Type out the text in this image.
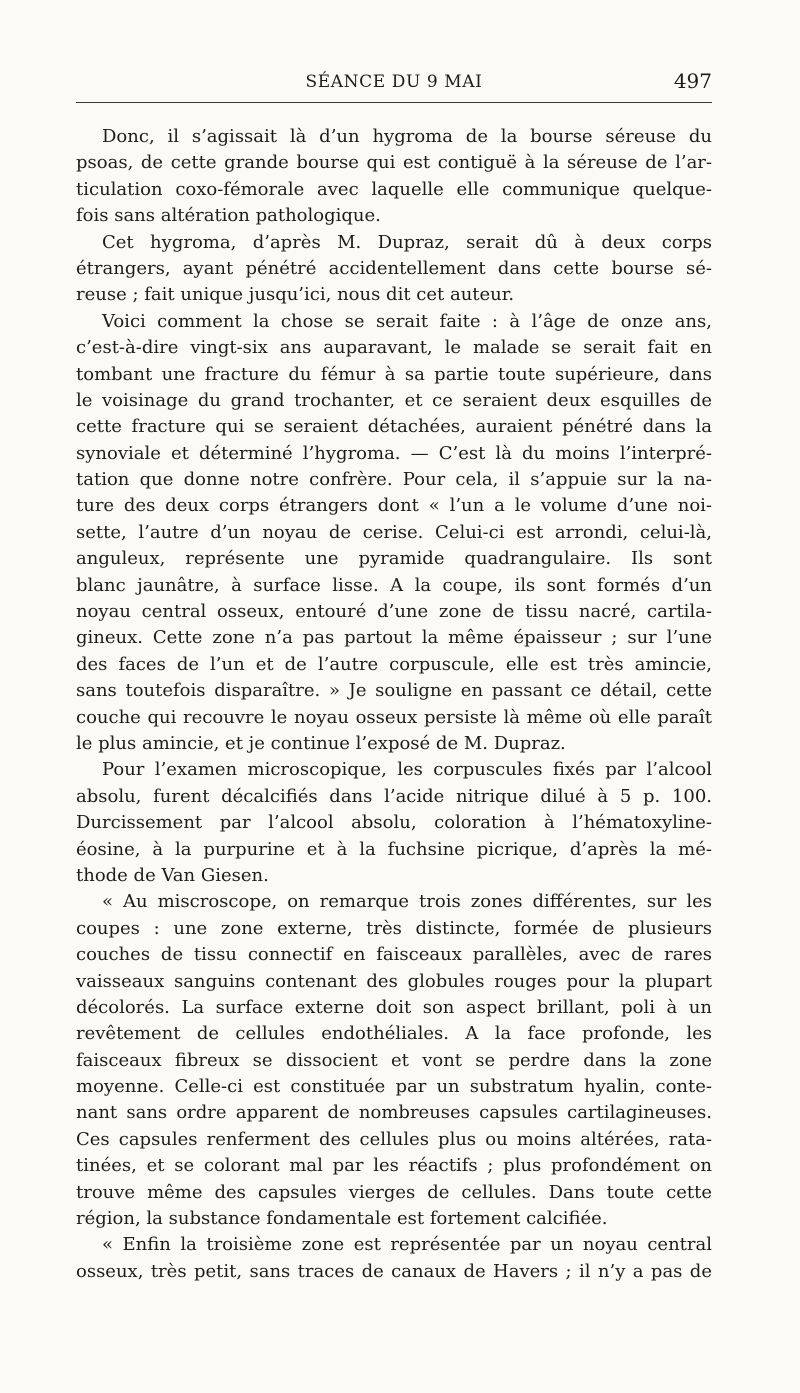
SÉANCE DU 9 MAI	497
Donc, il s’agissait là d’un hygroma de la bourse séreuse du
psoas, de cette grande bourse qui est contiguë à la séreuse de l’ar-
ticulation coxo-fémorale avec laquelle elle communique quelque-
fois sans altération pathologique.
Cet hygroma, d’après M. Dupraz, serait dû à deux corps
étrangers, ayant pénétré accidentellement dans cette bourse sé-
reuse ; fait unique jusqu’ici, nous dit cet auteur.
Voici comment la chose se serait faite : à l’âge de onze ans,
c’est-à-dire vingt-six ans auparavant, le malade se serait fait en
tombant une fracture du fémur à sa partie toute supérieure, dans
le voisinage du grand trochanter, et ce seraient deux esquilles de
cette fracture qui se seraient détachées, auraient pénétré dans la
synoviale et déterminé l’hygroma. — C’est là du moins l’interpré-
tation que donne notre confrère. Pour cela, il s’appuie sur la na-
ture des deux corps étrangers dont « l’un a le volume d’une noi-
sette, l’autre d’un noyau de cerise. Celui-ci est arrondi, celui-là,
anguleux, représente une pyramide quadrangulaire. Ils sont
blanc jaunâtre, à surface lisse. A la coupe, ils sont formés d’un
noyau central osseux, entouré d’une zone de tissu nacré, cartila-
gineux. Cette zone n’a pas partout la même épaisseur ; sur l’une
des faces de l’un et de l’autre corpuscule, elle est très amincie,
sans toutefois disparaître. » Je souligne en passant ce détail, cette
couche qui recouvre le noyau osseux persiste là même où elle paraît
le plus amincie, et je continue l’exposé de M. Dupraz.
Pour l’examen microscopique, les corpuscules fixés par l’alcool
absolu, furent décalcifiés dans l’acide nitrique dilué à 5 p. 100.
Durcissement par l’alcool absolu, coloration à l’hématoxyline-
éosine, à la purpurine et à la fuchsine picrique, d’après la mé-
thode de Van Giesen.
« Au miscroscope, on remarque trois zones différentes, sur les
coupes : une zone externe, très distincte, formée de plusieurs
couches de tissu connectif en faisceaux parallèles, avec de rares
vaisseaux sanguins contenant des globules rouges pour la plupart
décolorés. La surface externe doit son aspect brillant, poli à un
revêtement de cellules endothéliales. A la face profonde, les
faisceaux fibreux se dissocient et vont se perdre dans la zone
moyenne. Celle-ci est constituée par un substratum hyalin, conte-
nant sans ordre apparent de nombreuses capsules cartilagineuses.
Ces capsules renferment des cellules plus ou moins altérées, rata-
tinées, et se colorant mal par les réactifs ; plus profondément on
trouve même des capsules vierges de cellules. Dans toute cette
région, la substance fondamentale est fortement calcifiée.
« Enfin la troisième zone est représentée par un noyau central
osseux, très petit, sans traces de canaux de Havers ; il n’y a pas de
